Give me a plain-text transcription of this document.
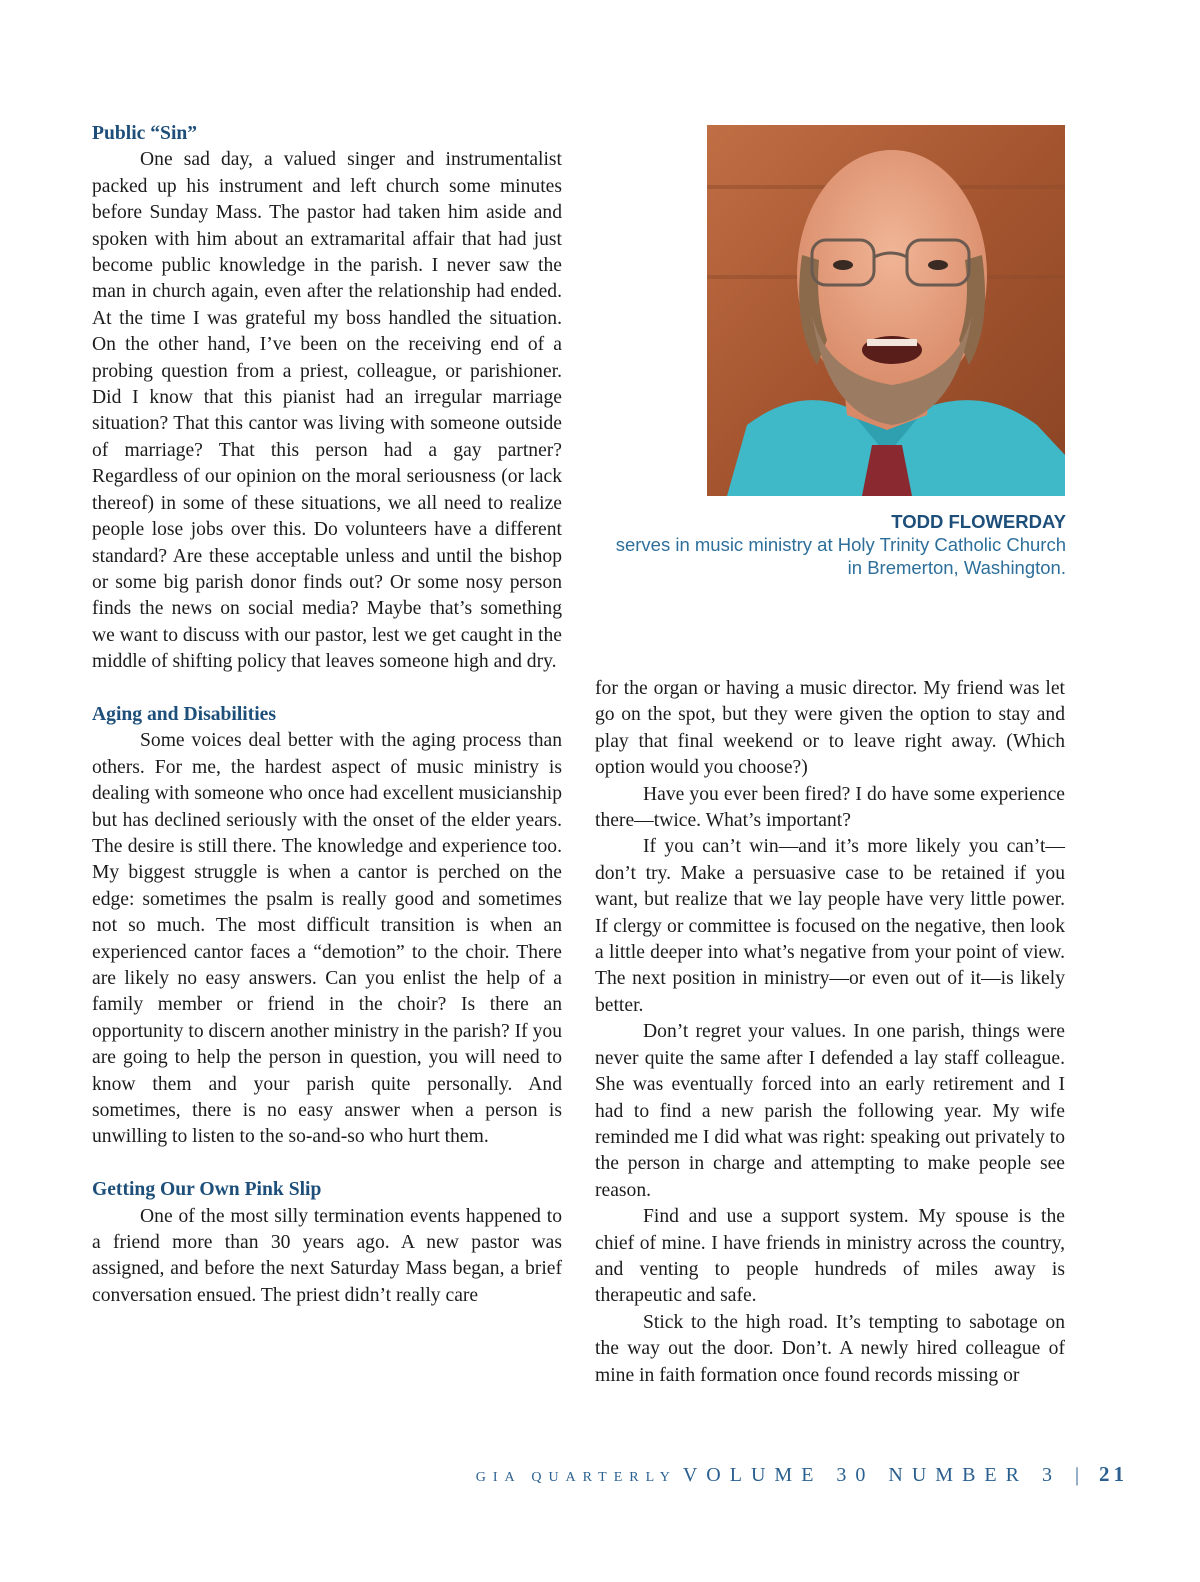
Public “Sin”

One sad day, a valued singer and instrumentalist packed up his instrument and left church some minutes before Sunday Mass. The pastor had taken him aside and spoken with him about an extramarital affair that had just become public knowledge in the parish. I never saw the man in church again, even after the relationship had ended. At the time I was grateful my boss handled the situation. On the other hand, I’ve been on the receiving end of a probing question from a priest, colleague, or parishioner. Did I know that this pianist had an irregular marriage situation? That this cantor was living with someone outside of marriage? That this person had a gay partner? Regardless of our opinion on the moral seriousness (or lack thereof) in some of these situations, we all need to realize people lose jobs over this. Do volunteers have a different standard? Are these acceptable unless and until the bishop or some big parish donor finds out? Or some nosy person finds the news on social media? Maybe that’s something we want to discuss with our pastor, lest we get caught in the middle of shifting policy that leaves someone high and dry.

Aging and Disabilities

Some voices deal better with the aging process than others. For me, the hardest aspect of music ministry is dealing with someone who once had excellent musicianship but has declined seriously with the onset of the elder years. The desire is still there. The knowledge and experience too. My biggest struggle is when a cantor is perched on the edge: sometimes the psalm is really good and sometimes not so much. The most difficult transition is when an experienced cantor faces a “demotion” to the choir. There are likely no easy answers. Can you enlist the help of a family member or friend in the choir? Is there an opportunity to discern another ministry in the parish? If you are going to help the person in question, you will need to know them and your parish quite personally. And sometimes, there is no easy answer when a person is unwilling to listen to the so-and-so who hurt them.

Getting Our Own Pink Slip

One of the most silly termination events happened to a friend more than 30 years ago. A new pastor was assigned, and before the next Saturday Mass began, a brief conversation ensued. The priest didn’t really care

TODD FLOWERDAY
serves in music ministry at Holy Trinity Catholic Church in Bremerton, Washington.

for the organ or having a music director. My friend was let go on the spot, but they were given the option to stay and play that final weekend or to leave right away. (Which option would you choose?)

Have you ever been fired? I do have some experience there—twice. What’s important?

If you can’t win—and it’s more likely you can’t—don’t try. Make a persuasive case to be retained if you want, but realize that we lay people have very little power. If clergy or committee is focused on the negative, then look a little deeper into what’s negative from your point of view. The next position in ministry—or even out of it—is likely better.

Don’t regret your values. In one parish, things were never quite the same after I defended a lay staff colleague. She was eventually forced into an early retirement and I had to find a new parish the following year. My wife reminded me I did what was right: speaking out privately to the person in charge and attempting to make people see reason.

Find and use a support system. My spouse is the chief of mine. I have friends in ministry across the country, and venting to people hundreds of miles away is therapeutic and safe.

Stick to the high road. It’s tempting to sabotage on the way out the door. Don’t. A newly hired colleague of mine in faith formation once found records missing or

GIA QUARTERLY VOLUME 30 NUMBER 3 | 21
